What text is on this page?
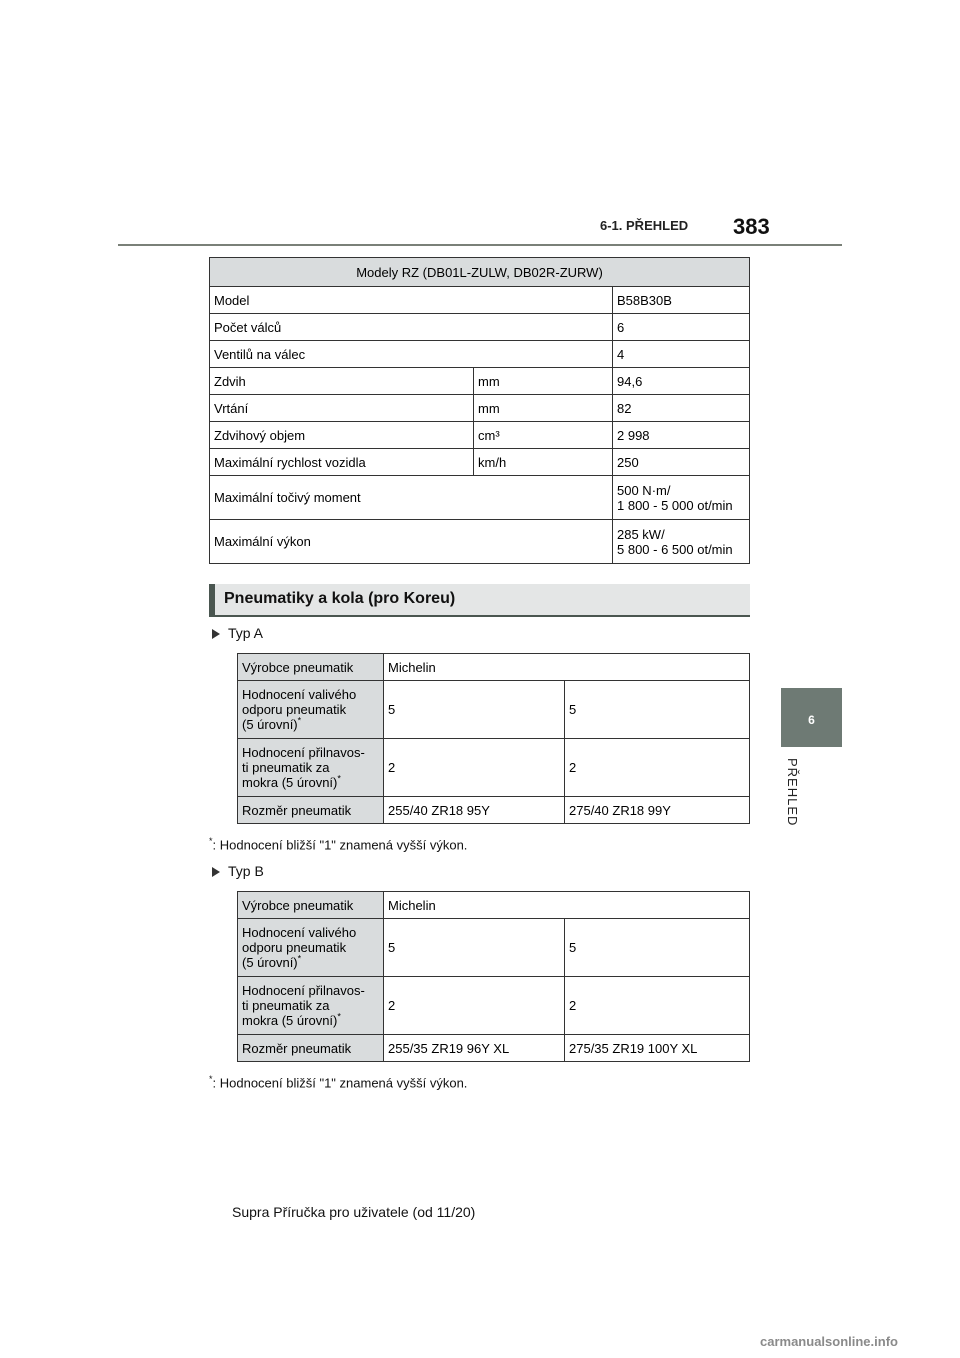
6-1. PŘEHLED 383
6
PŘEHLED
Modely RZ (DB01L-ZULW, DB02R-ZURW)		
Model		B58B30B
Počet válců		6
Ventilů na válec		4
Zdvih	mm	94,6
Vrtání	mm	82
Zdvihový objem	cm³	2 998
Maximální rychlost vozidla	km/h	250
Maximální točivý moment		500 N·m/
1 800 - 5 000 ot/min

Maximální výkon		285 kW/
5 800 - 6 500 ot/min
Pneumatiky a kola (pro Koreu)
Typ A
Výrobce pneumatik	Michelin	

Hodnocení valivého
odporu pneumatik
(5 úrovní)*	5	5

Hodnocení přilnavos-
ti pneumatik za
mokra (5 úrovní)*	2	2
Rozměr pneumatik	255/40 ZR18 95Y	275/40 ZR18 99Y
*: Hodnocení bližší "1" znamená vyšší výkon.
Typ B
Výrobce pneumatik	Michelin	

Hodnocení valivého
odporu pneumatik
(5 úrovní)*	5	5

Hodnocení přilnavos-
ti pneumatik za
mokra (5 úrovní)*	2	2
Rozměr pneumatik	255/35 ZR19 96Y XL	275/35 ZR19 100Y XL
*: Hodnocení bližší "1" znamená vyšší výkon.
Supra Příručka pro uživatele (od 11/20)
carmanualsonline.info
